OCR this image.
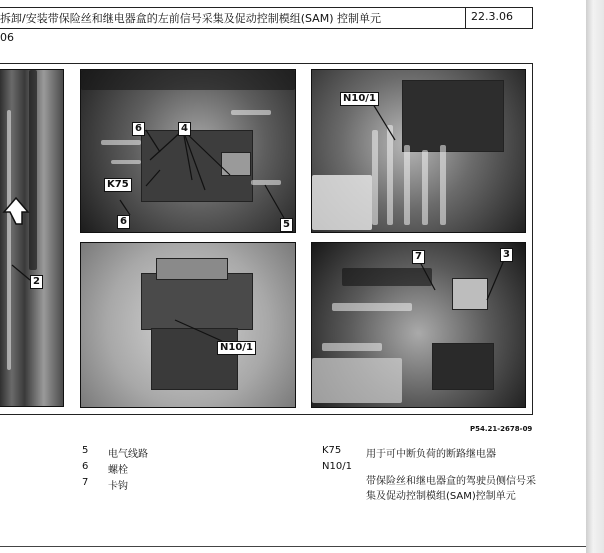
拆卸/安装带保险丝和继电器盒的左前信号采集及促动控制模组(SAM) 控制单元	22.3.06
06
N10/1
N10/1
K75
2
3
4
5
6
6
7
P54.21-2678-09
5 电气线路
6 螺栓
7 卡钩
K75 用于可中断负荷的断路继电器
N10/1
带保险丝和继电器盒的驾驶员侧信号采集及促动控制模组(SAM)控制单元
